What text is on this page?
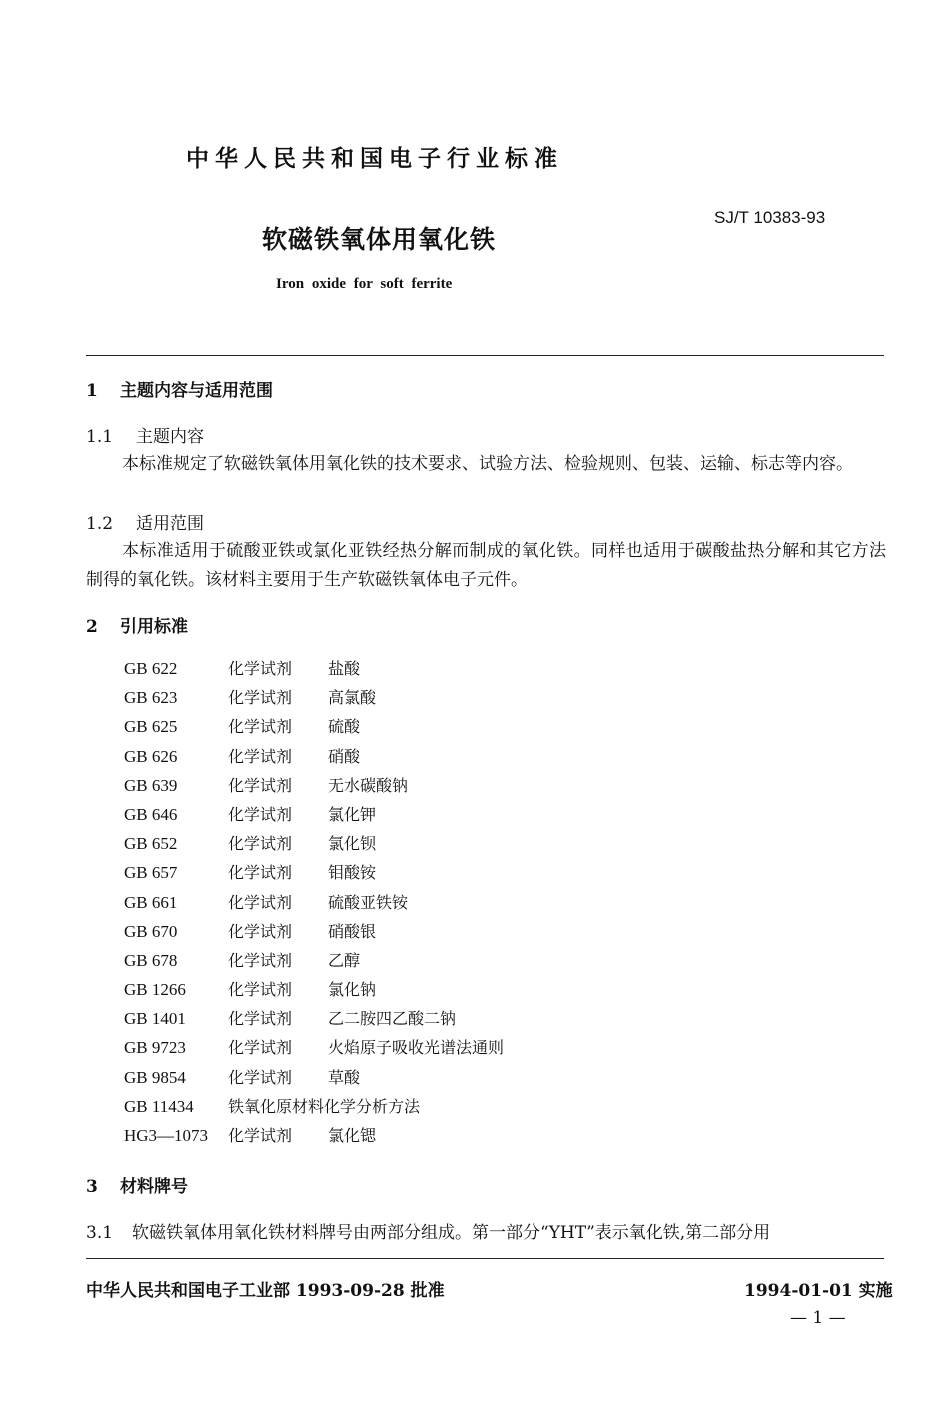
中华人民共和国电子行业标准
SJ/T 10383-93
软磁铁氧体用氧化铁
Iron oxide for soft ferrite
1 主题内容与适用范围
1.1 主题内容
本标准规定了软磁铁氧体用氧化铁的技术要求、试验方法、检验规则、包装、运输、标志等内容。
1.2 适用范围
本标准适用于硫酸亚铁或氯化亚铁经热分解而制成的氧化铁。同样也适用于碳酸盐热分解和其它方法制得的氧化铁。该材料主要用于生产软磁铁氧体电子元件。
2 引用标准
GB 622	化学试剂 盐酸
GB 623	化学试剂 高氯酸
GB 625	化学试剂 硫酸
GB 626	化学试剂 硝酸
GB 639	化学试剂 无水碳酸钠
GB 646	化学试剂 氯化钾
GB 652	化学试剂 氯化钡
GB 657	化学试剂 钼酸铵
GB 661	化学试剂 硫酸亚铁铵
GB 670	化学试剂 硝酸银
GB 678	化学试剂 乙醇
GB 1266	化学试剂 氯化钠
GB 1401	化学试剂 乙二胺四乙酸二钠
GB 9723	化学试剂 火焰原子吸收光谱法通则
GB 9854	化学试剂 草酸
GB 11434 铁氧化原材料化学分析方法
HG3—1073 化学试剂 氯化锶
3 材料牌号
3.1 软磁铁氧体用氧化铁材料牌号由两部分组成。第一部分“YHT”表示氧化铁,第二部分用
中华人民共和国电子工业部 1993-09-28 批准	1994-01-01 实施
— 1 —
